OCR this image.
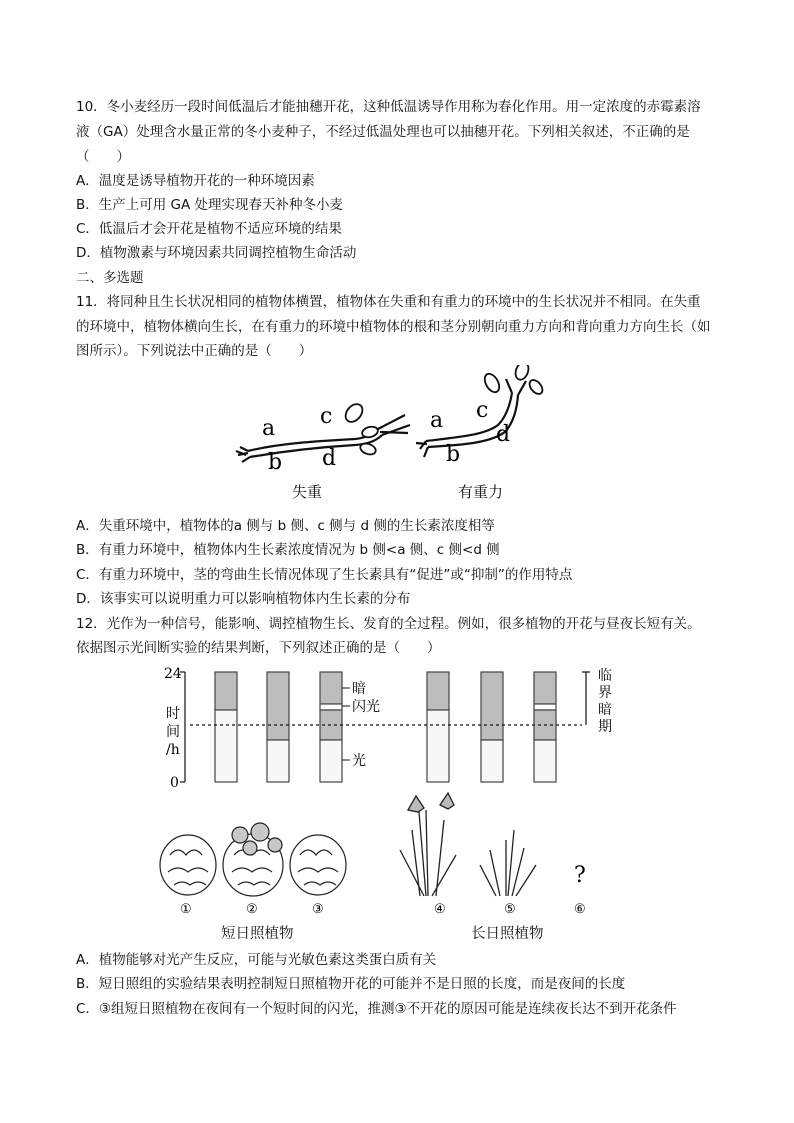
10．冬小麦经历一段时间低温后才能抽穗开花，这种低温诱导作用称为春化作用。用一定浓度的赤霉素溶
液（GA）处理含水量正常的冬小麦种子，不经过低温处理也可以抽穗开花。下列相关叙述，不正确的是
（　　）
A．温度是诱导植物开花的一种环境因素
B．生产上可用 GA 处理实现春天补种冬小麦
C．低温后才会开花是植物不适应环境的结果
D．植物激素与环境因素共同调控植物生命活动
二、多选题
11．将同种且生长状况相同的植物体横置，植物体在失重和有重力的环境中的生长状况并不相同。在失重
的环境中，植物体横向生长，在有重力的环境中植物体的根和茎分别朝向重力方向和背向重力方向生长（如
图所示）。下列说法中正确的是（　　）
a
b
c
d
a
b
c
d
失重	有重力
A．失重环境中，植物体的a 侧与 b 侧、c 侧与 d 侧的生长素浓度相等
B．有重力环境中，植物体内生长素浓度情况为 b 侧<a 侧、c 侧<d 侧
C．有重力环境中，茎的弯曲生长情况体现了生长素具有“促进”或“抑制”的作用特点
D．该事实可以说明重力可以影响植物体内生长素的分布
12．光作为一种信号，能影响、调控植物生长、发育的全过程。例如，很多植物的开花与昼夜长短有关。
依据图示光间断实验的结果判断，下列叙述正确的是（　　）
24
0
时
间
/h
暗
闪光
光
临
界
暗
期
?
①	②	③	④	⑤	⑥
短日照植物	长日照植物
A．植物能够对光产生反应，可能与光敏色素这类蛋白质有关
B．短日照组的实验结果表明控制短日照植物开花的可能并不是日照的长度，而是夜间的长度
C．③组短日照植物在夜间有一个短时间的闪光，推测③不开花的原因可能是连续夜长达不到开花条件
